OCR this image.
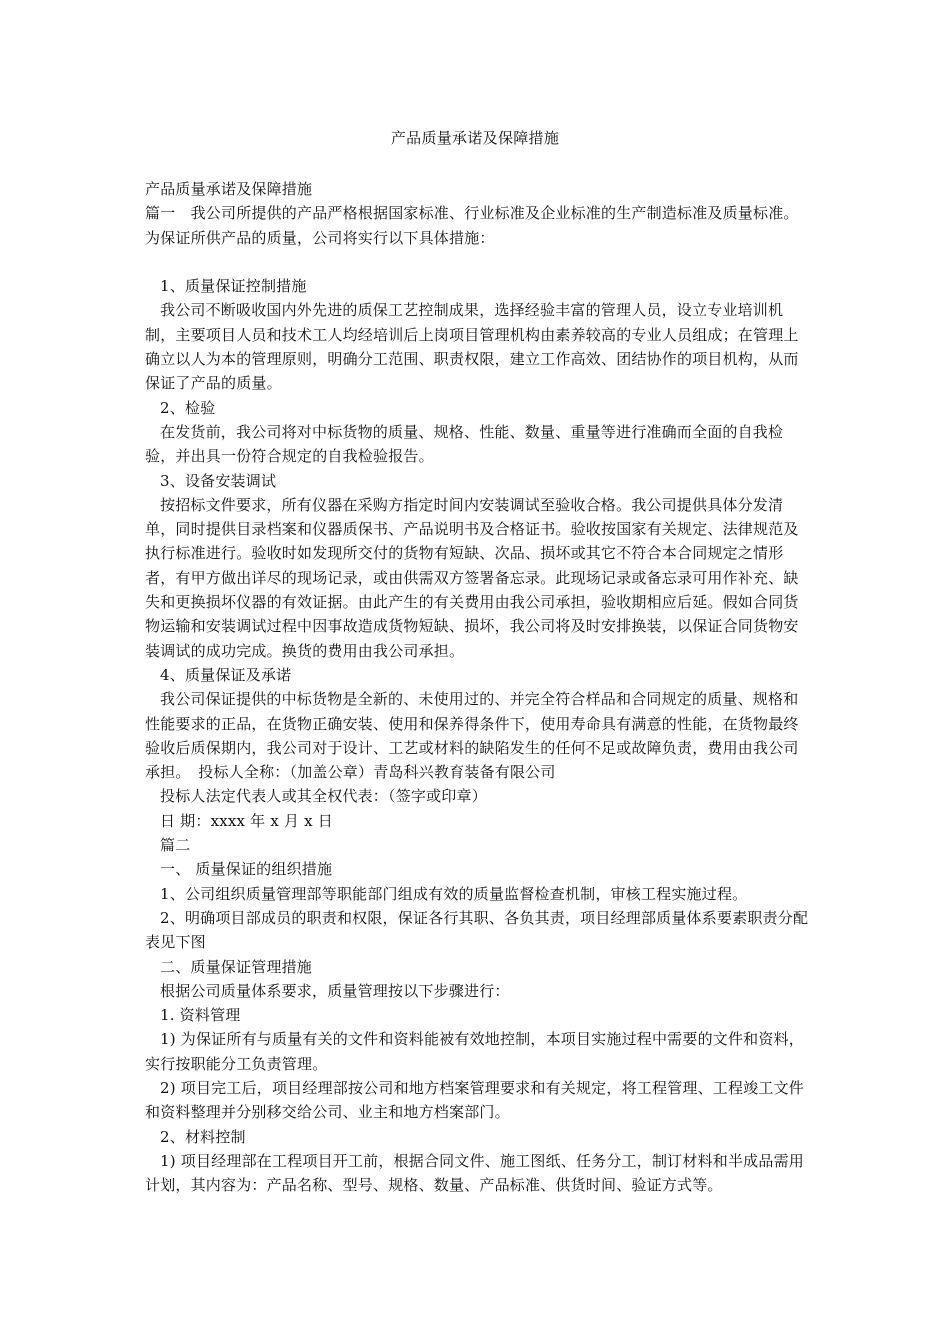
产品质量承诺及保障措施

产品质量承诺及保障措施

篇一　我公司所提供的产品严格根据国家标准、行业标准及企业标准的生产制造标准及质量标准。为保证所供产品的质量，公司将实行以下具体措施：

1、质量保证控制措施

我公司不断吸收国内外先进的质保工艺控制成果，选择经验丰富的管理人员，设立专业培训机制，主要项目人员和技术工人均经培训后上岗项目管理机构由素养较高的专业人员组成；在管理上确立以人为本的管理原则，明确分工范围、职责权限，建立工作高效、团结协作的项目机构，从而保证了产品的质量。

2、检验

在发货前，我公司将对中标货物的质量、规格、性能、数量、重量等进行准确而全面的自我检验，并出具一份符合规定的自我检验报告。

3、设备安装调试

按招标文件要求，所有仪器在采购方指定时间内安装调试至验收合格。我公司提供具体分发清单，同时提供目录档案和仪器质保书、产品说明书及合格证书。验收按国家有关规定、法律规范及执行标准进行。验收时如发现所交付的货物有短缺、次品、损坏或其它不符合本合同规定之情形者，有甲方做出详尽的现场记录，或由供需双方签署备忘录。此现场记录或备忘录可用作补充、缺失和更换损坏仪器的有效证据。由此产生的有关费用由我公司承担，验收期相应后延。假如合同货物运输和安装调试过程中因事故造成货物短缺、损坏，我公司将及时安排换装，以保证合同货物安装调试的成功完成。换货的费用由我公司承担。

4、质量保证及承诺

我公司保证提供的中标货物是全新的、未使用过的、并完全符合样品和合同规定的质量、规格和性能要求的正品，在货物正确安装、使用和保养得条件下，使用寿命具有满意的性能，在货物最终验收后质保期内，我公司对于设计、工艺或材料的缺陷发生的任何不足或故障负责，费用由我公司承担。　投标人全称：（加盖公章）青岛科兴教育装备有限公司

投标人法定代表人或其全权代表：（签字或印章）

日 期：xxxx 年 x 月 x 日

篇二

一、 质量保证的组织措施

1、公司组织质量管理部等职能部门组成有效的质量监督检查机制，审核工程实施过程。

2、明确项目部成员的职责和权限，保证各行其职、各负其责，项目经理部质量体系要素职责分配表见下图

二、质量保证管理措施

根据公司质量体系要求，质量管理按以下步骤进行：

1. 资料管理

1) 为保证所有与质量有关的文件和资料能被有效地控制，本项目实施过程中需要的文件和资料，实行按职能分工负责管理。

2) 项目完工后，项目经理部按公司和地方档案管理要求和有关规定，将工程管理、工程竣工文件和资料整理并分别移交给公司、业主和地方档案部门。

2、材料控制

1) 项目经理部在工程项目开工前，根据合同文件、施工图纸、任务分工，制订材料和半成品需用计划，其内容为：产品名称、型号、规格、数量、产品标准、供货时间、验证方式等。
